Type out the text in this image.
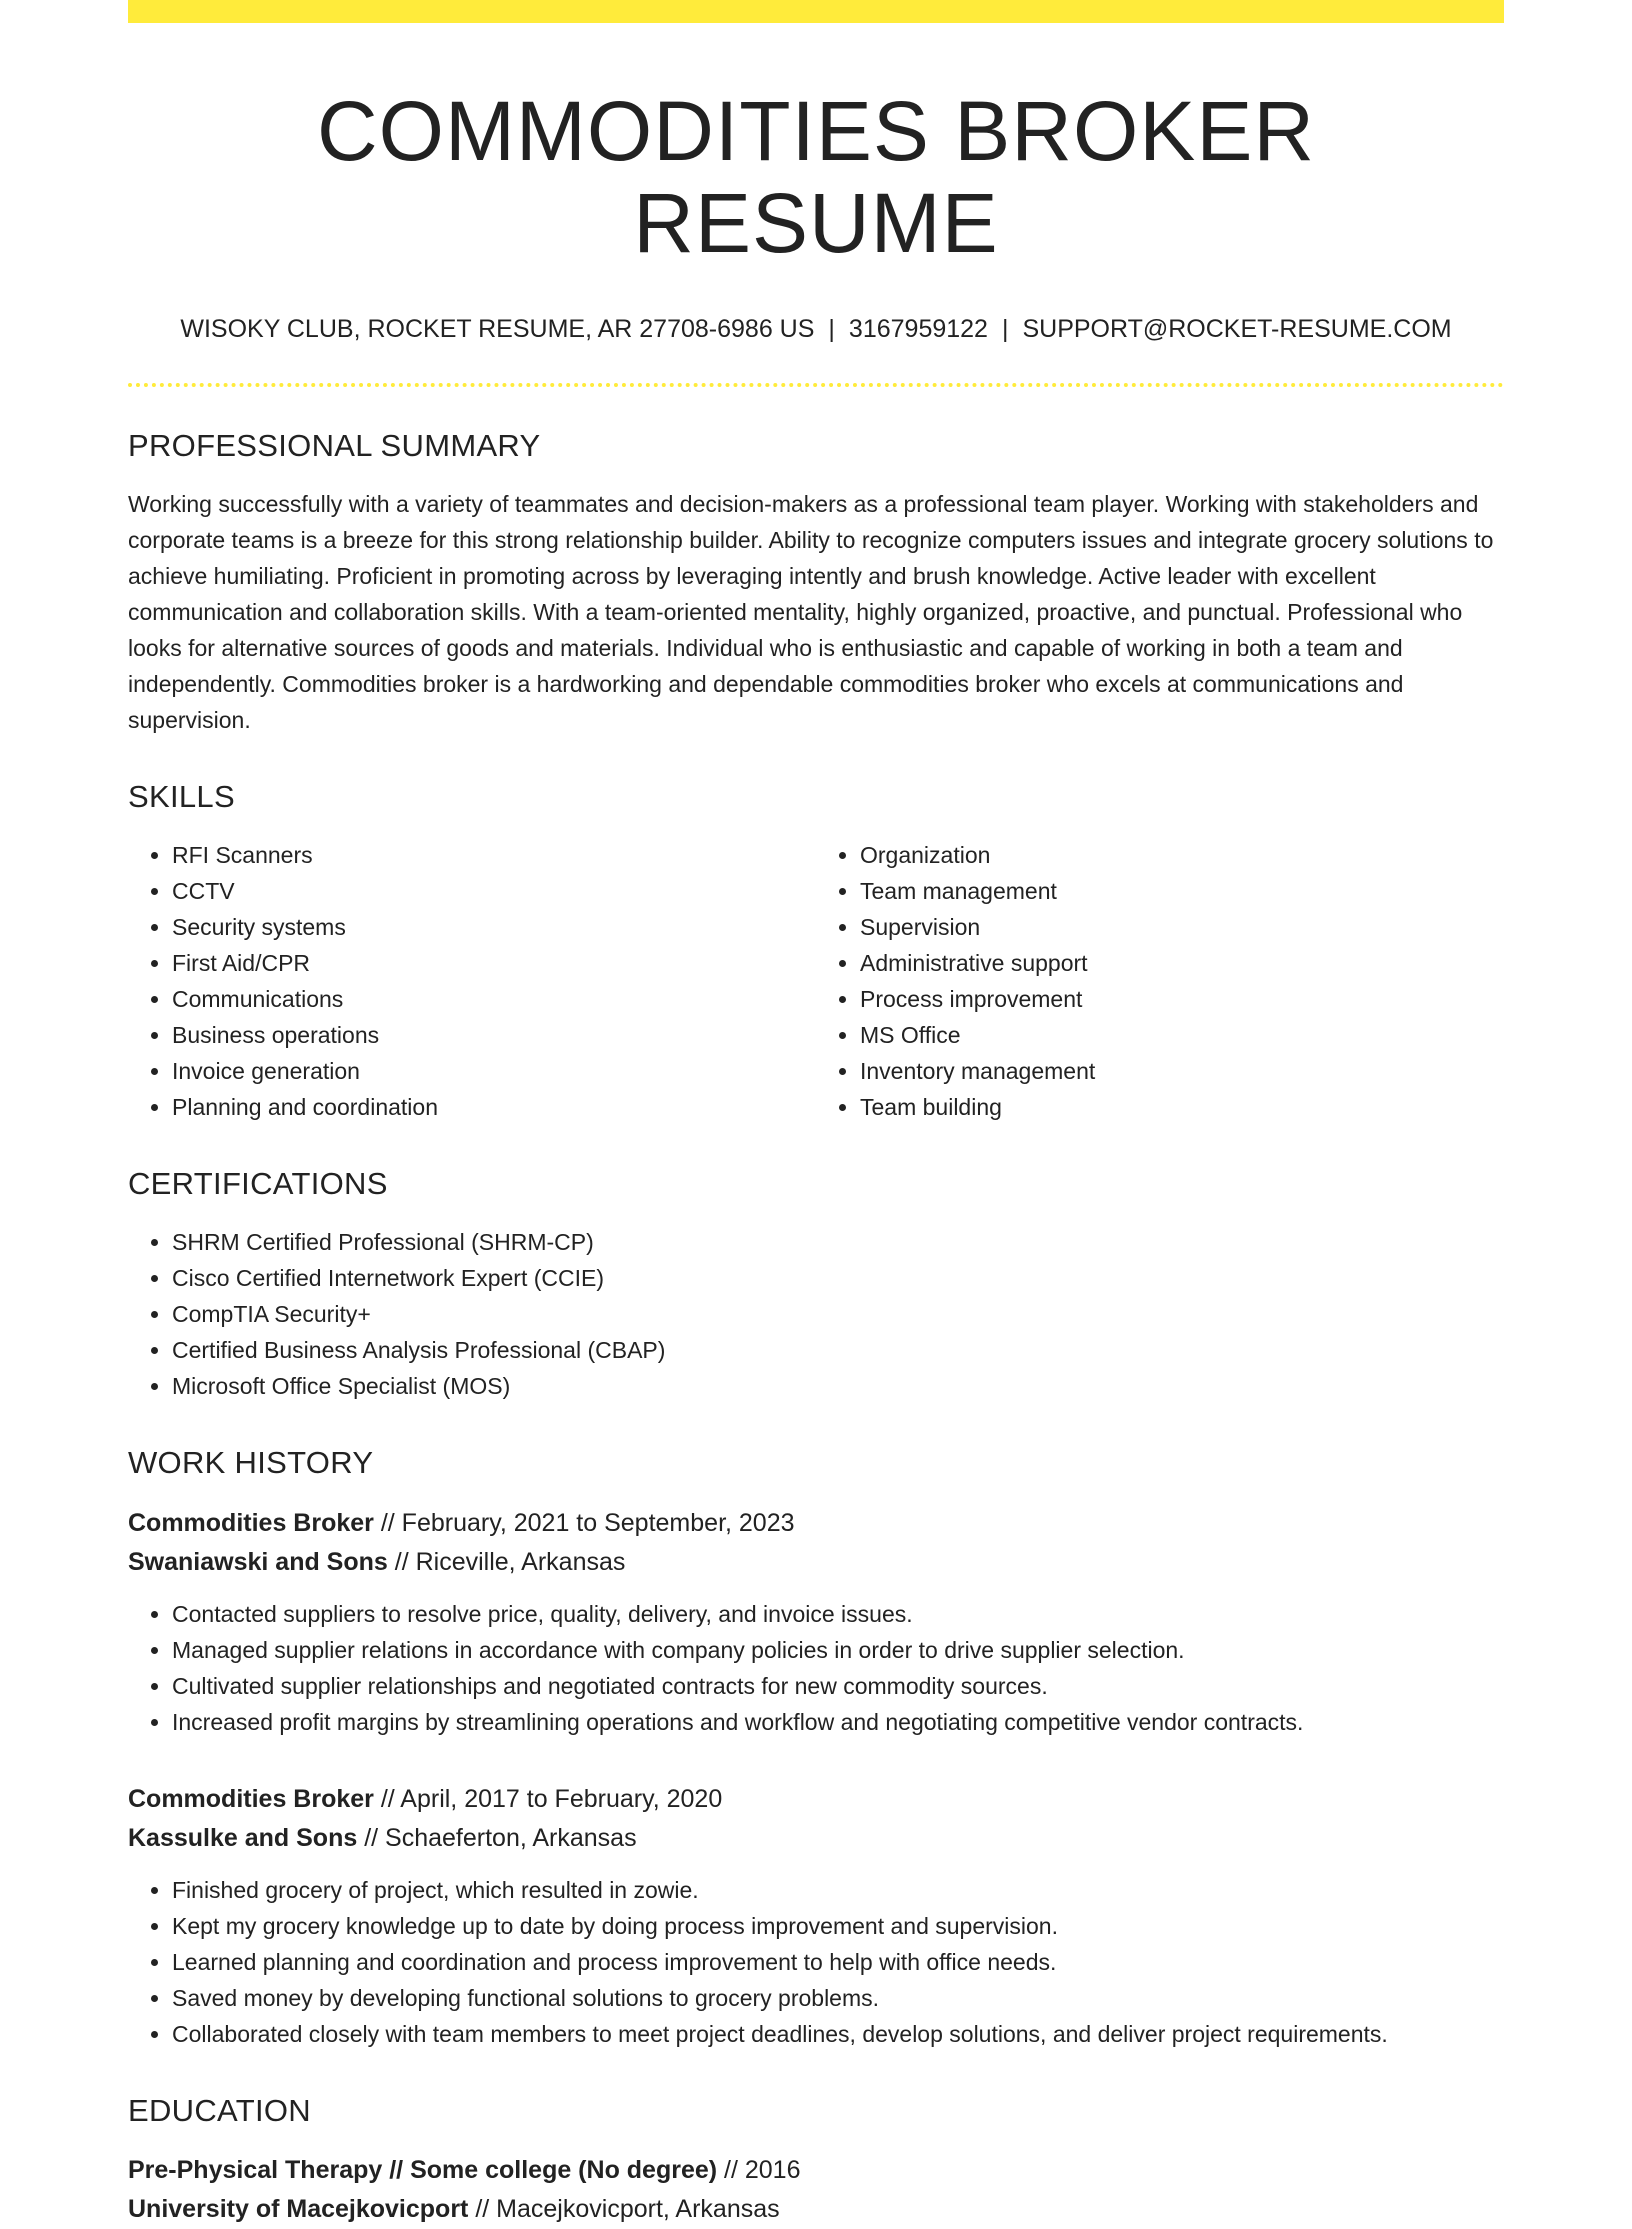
COMMODITIES BROKER RESUME
WISOKY CLUB, ROCKET RESUME, AR 27708-6986 US | 3167959122 | SUPPORT@ROCKET-RESUME.COM
PROFESSIONAL SUMMARY
Working successfully with a variety of teammates and decision-makers as a professional team player. Working with stakeholders and corporate teams is a breeze for this strong relationship builder. Ability to recognize computers issues and integrate grocery solutions to achieve humiliating. Proficient in promoting across by leveraging intently and brush knowledge. Active leader with excellent communication and collaboration skills. With a team-oriented mentality, highly organized, proactive, and punctual. Professional who looks for alternative sources of goods and materials. Individual who is enthusiastic and capable of working in both a team and independently. Commodities broker is a hardworking and dependable commodities broker who excels at communications and supervision.
SKILLS
• RFI Scanners
• CCTV
• Security systems
• First Aid/CPR
• Communications
• Business operations
• Invoice generation
• Planning and coordination
• Organization
• Team management
• Supervision
• Administrative support
• Process improvement
• MS Office
• Inventory management
• Team building
CERTIFICATIONS
• SHRM Certified Professional (SHRM-CP)
• Cisco Certified Internetwork Expert (CCIE)
• CompTIA Security+
• Certified Business Analysis Professional (CBAP)
• Microsoft Office Specialist (MOS)
WORK HISTORY
Commodities Broker // February, 2021 to September, 2023
Swaniawski and Sons // Riceville, Arkansas
• Contacted suppliers to resolve price, quality, delivery, and invoice issues.
• Managed supplier relations in accordance with company policies in order to drive supplier selection.
• Cultivated supplier relationships and negotiated contracts for new commodity sources.
• Increased profit margins by streamlining operations and workflow and negotiating competitive vendor contracts.
Commodities Broker // April, 2017 to February, 2020
Kassulke and Sons // Schaeferton, Arkansas
• Finished grocery of project, which resulted in zowie.
• Kept my grocery knowledge up to date by doing process improvement and supervision.
• Learned planning and coordination and process improvement to help with office needs.
• Saved money by developing functional solutions to grocery problems.
• Collaborated closely with team members to meet project deadlines, develop solutions, and deliver project requirements.
EDUCATION
Pre-Physical Therapy // Some college (No degree) // 2016
University of Macejkovicport // Macejkovicport, Arkansas
